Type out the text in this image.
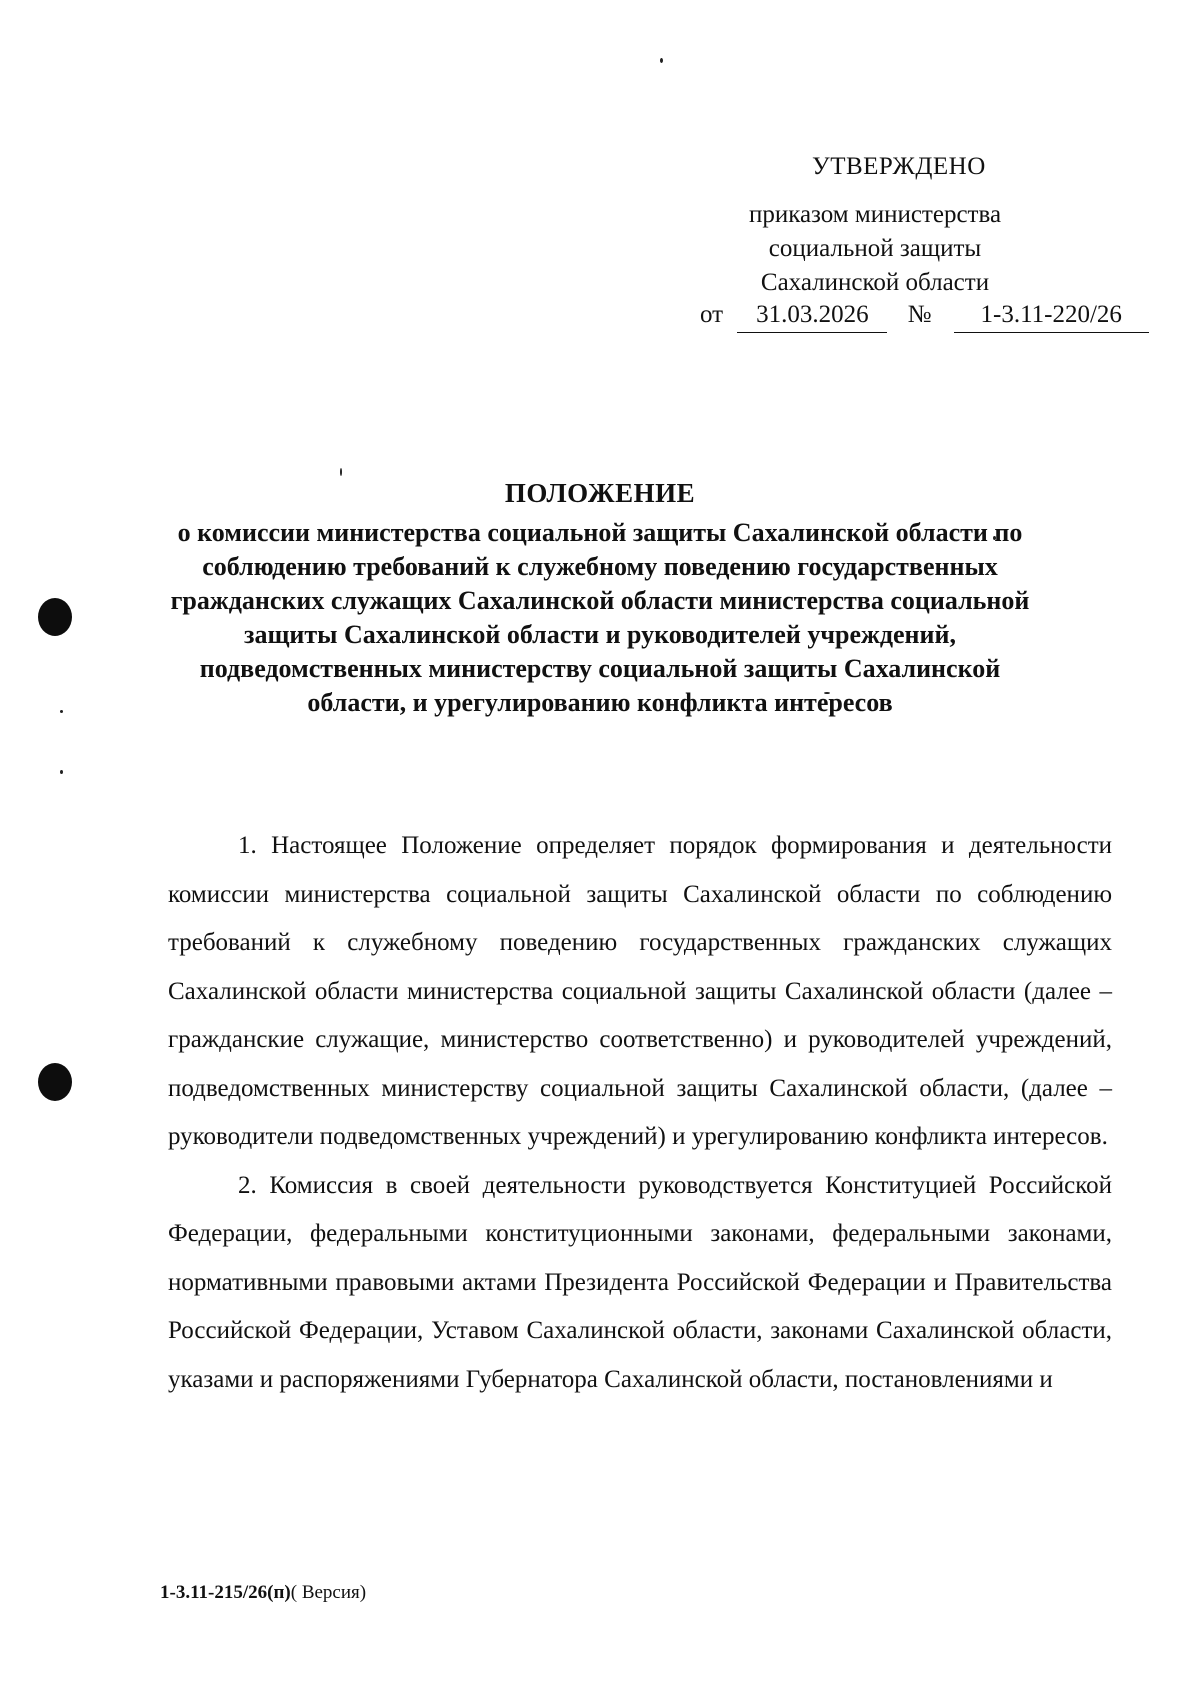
УТВЕРЖДЕНО
приказом министерства
социальной защиты
Сахалинской области
от 31.03.2026 № 1-3.11-220/26
ПОЛОЖЕНИЕ
о комиссии министерства социальной защиты Сахалинской области по соблюдению требований к служебному поведению государственных гражданских служащих Сахалинской области министерства социальной защиты Сахалинской области и руководителей учреждений, подведомственных министерству социальной защиты Сахалинской области, и урегулированию конфликта интересов

1. Настоящее Положение определяет порядок формирования и деятельности комиссии министерства социальной защиты Сахалинской области по соблюдению требований к служебному поведению государственных гражданских служащих Сахалинской области министерства социальной защиты Сахалинской области (далее – гражданские служащие, министерство соответственно) и руководителей учреждений, подведомственных министерству социальной защиты Сахалинской области, (далее – руководители подведомственных учреждений) и урегулированию конфликта интересов.

2. Комиссия в своей деятельности руководствуется Конституцией Российской Федерации, федеральными конституционными законами, федеральными законами, нормативными правовыми актами Президента Российской Федерации и Правительства Российской Федерации, Уставом Сахалинской области, законами Сахалинской области, указами и распоряжениями Губернатора Сахалинской области, постановлениями и

1-3.11-215/26(п)( Версия)
